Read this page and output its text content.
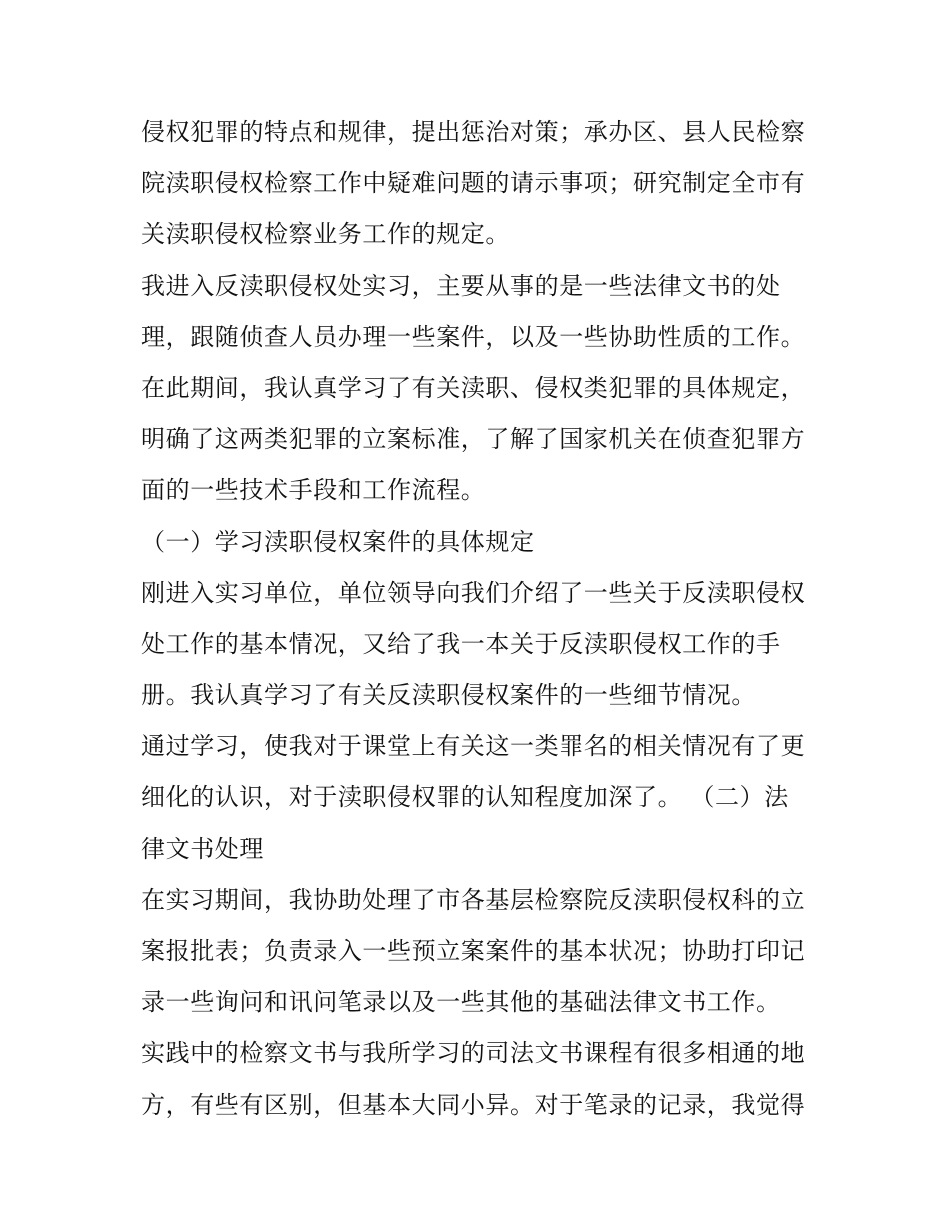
侵权犯罪的特点和规律，提出惩治对策；承办区、县人民检察
院渎职侵权检察工作中疑难问题的请示事项；研究制定全市有
关渎职侵权检察业务工作的规定。
我进入反渎职侵权处实习，主要从事的是一些法律文书的处
理，跟随侦查人员办理一些案件，以及一些协助性质的工作。
在此期间，我认真学习了有关渎职、侵权类犯罪的具体规定，
明确了这两类犯罪的立案标准，了解了国家机关在侦查犯罪方
面的一些技术手段和工作流程。
（一）学习渎职侵权案件的具体规定
刚进入实习单位，单位领导向我们介绍了一些关于反渎职侵权
处工作的基本情况，又给了我一本关于反渎职侵权工作的手
册。我认真学习了有关反渎职侵权案件的一些细节情况。
通过学习，使我对于课堂上有关这一类罪名的相关情况有了更
细化的认识，对于渎职侵权罪的认知程度加深了。 （二）法
律文书处理
在实习期间，我协助处理了市各基层检察院反渎职侵权科的立
案报批表；负责录入一些预立案案件的基本状况；协助打印记
录一些询问和讯问笔录以及一些其他的基础法律文书工作。
实践中的检察文书与我所学习的司法文书课程有很多相通的地
方，有些有区别，但基本大同小异。对于笔录的记录，我觉得
